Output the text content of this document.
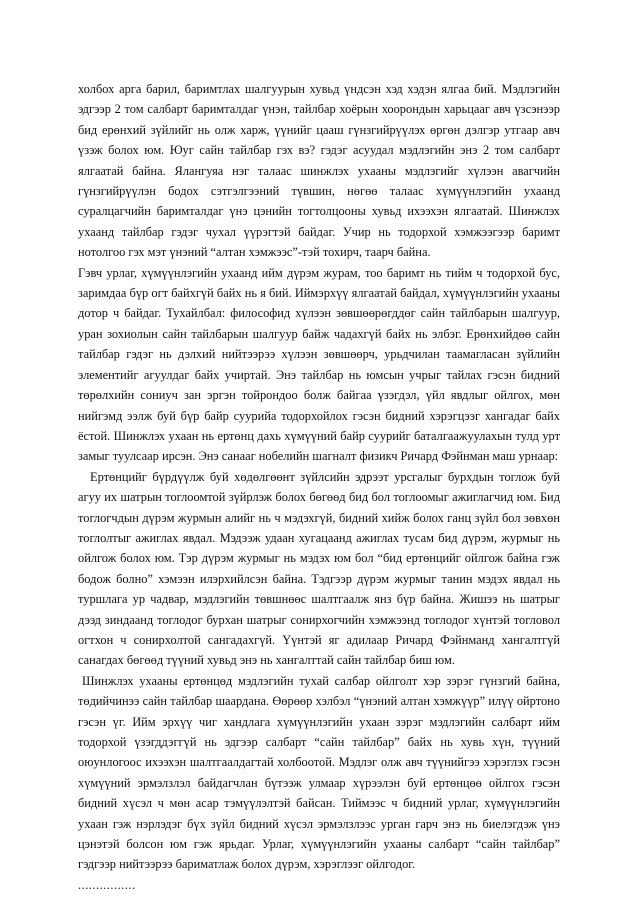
холбох арга барил, баримтлах шалгуурын хувьд үндсэн хэд хэдэн ялгаа бий. Мэдлэгийн эдгээр 2 том салбарт баримталдаг үнэн, тайлбар хоёрын хоорондын харьцааг авч үзсэнээр бид ерөнхий зүйлийг нь олж харж, үүнийг цааш гүнзгийрүүлэх өргөн дэлгэр утгаар авч үзэж болох юм. Юуг сайн тайлбар гэх вэ? гэдэг асуудал мэдлэгийн энэ 2 том салбарт ялгаатай байна. Ялангуяа нэг талаас шинжлэх ухааны мэдлэгийг хүлээн авагчийн гүнзгийрүүлэн бодох сэтгэлгээний түвшин, нөгөө талаас хүмүүнлэгийн ухаанд суралцагчийн баримталдаг үнэ цэнийн тогтолцооны хувьд ихээхэн ялгаатай. Шинжлэх ухаанд тайлбар гэдэг чухал үүрэгтэй байдаг. Учир нь тодорхой хэмжээгээр баримт нотолгоо гэх мэт үнэний “алтан хэмжээс”-тэй тохирч, таарч байна.

Гэвч урлаг, хүмүүнлэгийн ухаанд ийм дүрэм журам, тоо баримт нь тийм ч тодорхой бус, заримдаа бүр огт байхгүй байх нь я бий. Иймэрхүү ялгаатай байдал, хүмүүнлэгийн ухааны дотор ч байдаг. Тухайлбал: философид хүлээн зөвшөөрөгддөг сайн тайлбарын шалгуур, уран зохиолын сайн тайлбарын шалгуур байж чадахгүй байх нь элбэг. Ерөнхийдөө сайн тайлбар гэдэг нь дэлхий нийтээрээ хүлээн зөвшөөрч, урьдчилан таамагласан зүйлийн элементийг агуулдаг байх учиртай. Энэ тайлбар нь юмсын учрыг тайлах гэсэн бидний төрөлхийн сониуч зан эргэн тойрондоо болж байгаа үзэгдэл, үйл явдлыг ойлгох, мөн нийгэмд ээлж буй бүр байр суурийа тодорхойлох гэсэн бидний хэрэгцээг хангадаг байх ёстой. Шинжлэх ухаан нь ертөнц дахь хүмүүний байр суурийг баталгаажуулахын тулд урт замыг туулсаар ирсэн. Энэ санааг нобелийн шагналт физикч Ричард Фэйнман маш урнаар:

Ертөнцийг бүрдүүлж буй хөдөлгөөнт зүйлсийн эдрээт урсгалыг бурхдын тоглож буй агуу их шатрын тоглоомтой зүйрлэж болох бөгөөд бид бол тоглоомыг ажиглагчид юм. Бид тоглогчдын дүрэм журмын алийг нь ч мэдэхгүй, бидний хийж болох ганц зүйл бол зөвхөн тоглолтыг ажиглах явдал. Мэдээж удаан хугацаанд ажиглах тусам бид дүрэм, журмыг нь ойлгож болох юм. Тэр дүрэм журмыг нь мэдэх юм бол “бид ертөнцийг ойлгож байна гэж бодож болно” хэмээн илэрхийлсэн байна. Тэдгээр дүрэм журмыг танин мэдэх явдал нь туршлага ур чадвар, мэдлэгийн төвшнөөс шалтгаалж янз бүр байна. Жишээ нь шатрыг дээд зиндаанд тоглодог бурхан шатрыг сонирхогчийн хэмжээнд тоглодог хүнтэй тогловол огтхон ч сонирхолтой сангадахгүй. Үүнтэй яг адилаар Ричард Фэйнманд хангалтгүй санагдах бөгөөд түүний хувьд энэ нь хангалттай сайн тайлбар биш юм.

Шинжлэх ухааны ертөнцөд мэдлэгийн тухай салбар ойлголт хэр зэрэг гүнзгий байна, төдийчинээ сайн тайлбар шаардана. Өөрөөр хэлбэл “үнэний алтан хэмжүүр” илүү ойртоно гэсэн үг. Ийм эрхүү чиг хандлага хүмүүнлэгийн ухаан зэрэг мэдлэгийн салбарт ийм тодорхой үзэгддэггүй нь эдгээр салбарт “сайн тайлбар” байх нь хувь хүн, түүний оюунлогоос ихээхэн шалтгаалдагтай холбоотой. Мэдлэг олж авч түүнийгээ хэрэглэх гэсэн хүмүүний эрмэлзлэл байдагчлан бүтээж улмаар хүрээлэн буй ертөнцөө ойлгох гэсэн бидний хүсэл ч мөн асар тэмүүлэлтэй байсан. Тиймээс ч бидний урлаг, хүмүүнлэгийн ухаан гэж нэрлэдэг бүх зүйл бидний хүсэл эрмэлзлээс урган гарч энэ нь биелэгдэж үнэ цэнэтэй болсон юм гэж ярьдаг. Урлаг, хүмүүнлэгийн ухааны салбарт “сайн тайлбар” гэдгээр нийтээрээ бариматлаж болох дүрэм, хэрэглээг ойлгодог.

................
